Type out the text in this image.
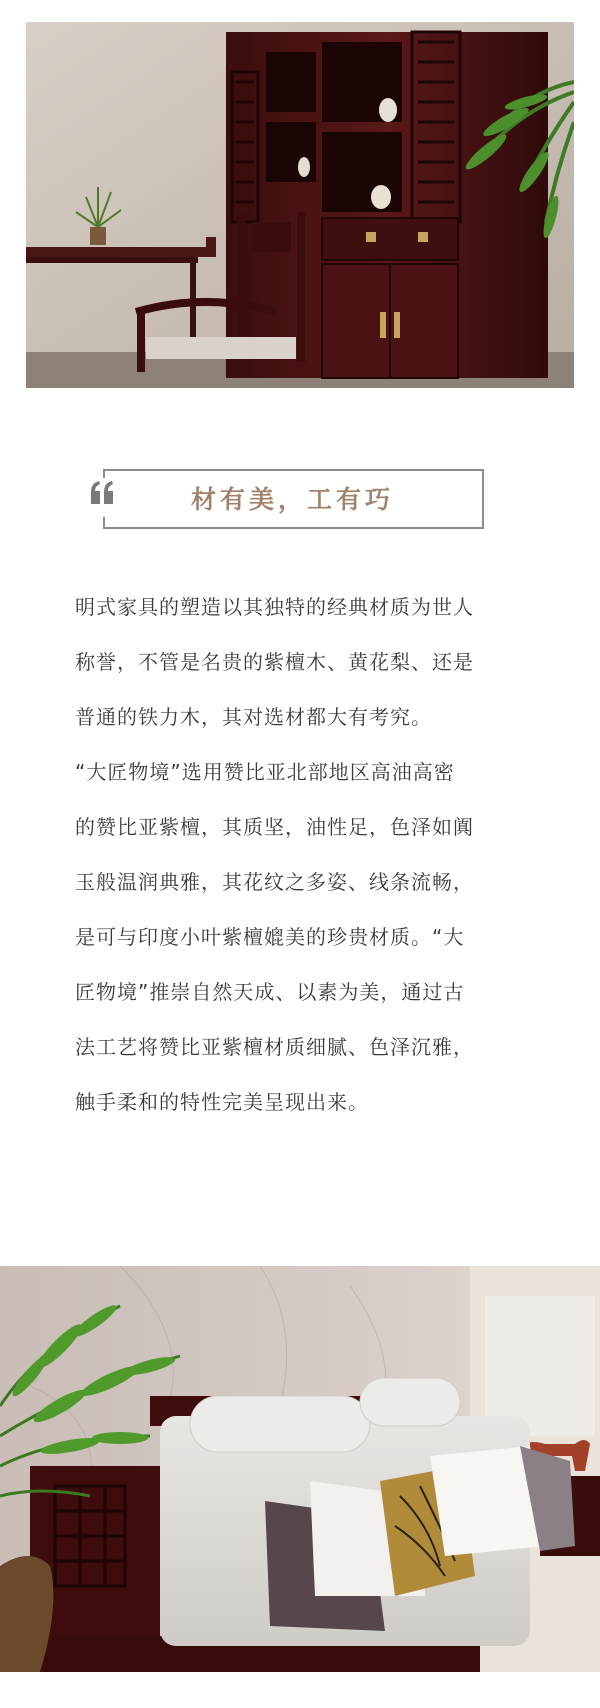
材有美，工有巧
明式家具的塑造以其独特的经典材质为世人
称誉，不管是名贵的紫檀木、黄花梨、还是
普通的铁力木，其对选材都大有考究。
“大匠物境”选用赞比亚北部地区高油高密
的赞比亚紫檀，其质坚，油性足，色泽如阗
玉般温润典雅，其花纹之多姿、线条流畅，
是可与印度小叶紫檀媲美的珍贵材质。“大
匠物境”推崇自然天成、以素为美，通过古
法工艺将赞比亚紫檀材质细腻、色泽沉雅，
触手柔和的特性完美呈现出来。
